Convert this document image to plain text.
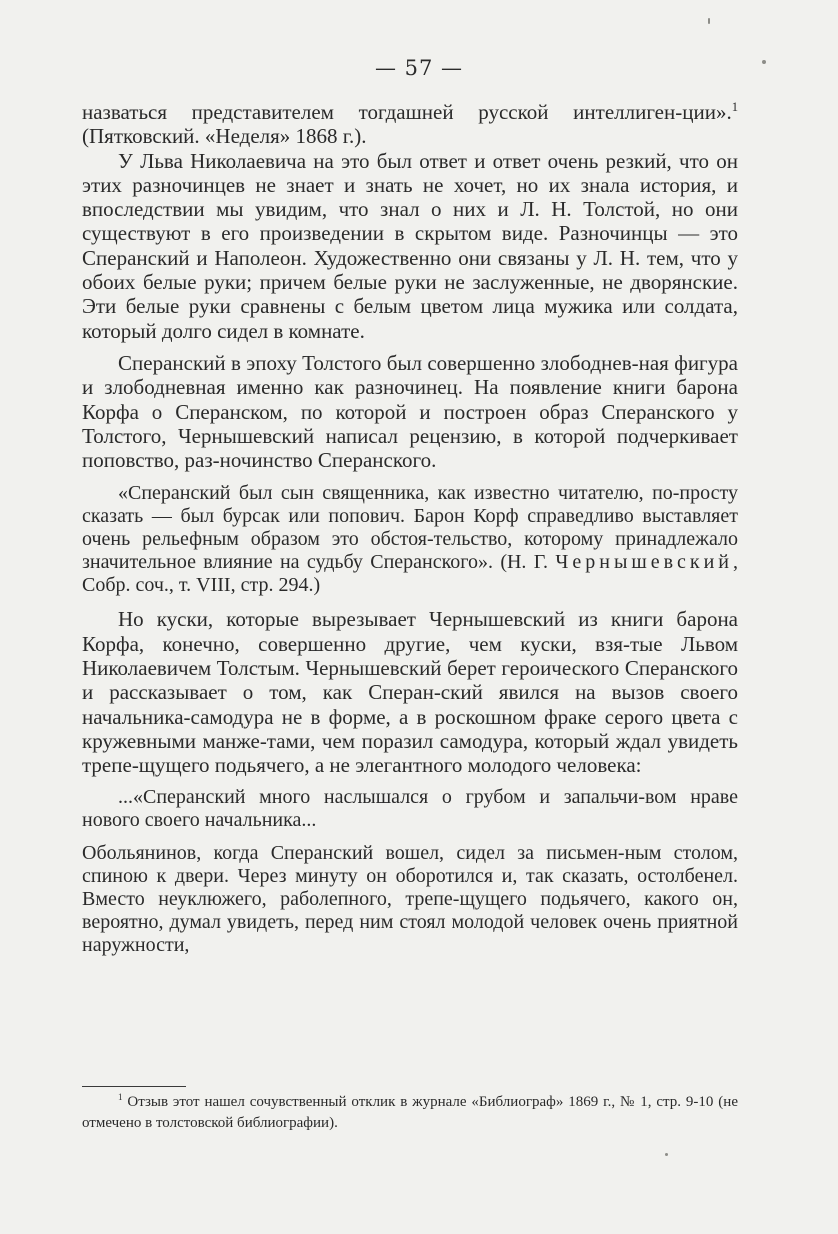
— 57 —

назваться представителем тогдашней русской интеллиген-ции».$^1$ (Пятковский. «Неделя» 1868 г.).

У Льва Николаевича на это был ответ и ответ очень резкий, что он этих разночинцев не знает и знать не хочет, но их знала история, и впоследствии мы увидим, что знал о них и Л. Н. Толстой, но они существуют в его произведении в скрытом виде. Разночинцы — это Сперанский и Наполеон. Художественно они связаны у Л. Н. тем, что у обоих белые руки; причем белые руки не заслуженные, не дворянские. Эти белые руки сравнены с белым цветом лица мужика или солдата, который долго сидел в комнате.

Сперанский в эпоху Толстого был совершенно злободнев-ная фигура и злободневная именно как разночинец. На появление книги барона Корфа о Сперанском, по которой и построен образ Сперанского у Толстого, Чернышевский написал рецензию, в которой подчеркивает поповство, раз-ночинство Сперанского.

«Сперанский был сын священника, как известно читателю, по-просту сказать — был бурсак или попович. Барон Корф справедливо выставляет очень рельефным образом это обстоя-тельство, которому принадлежало значительное влияние на судьбу Сперанского». (Н. Г. Чернышевский, Собр. соч., т. VIII, стр. 294.)

Но куски, которые вырезывает Чернышевский из книги барона Корфа, конечно, совершенно другие, чем куски, взя-тые Львом Николаевичем Толстым. Чернышевский берет героического Сперанского и рассказывает о том, как Сперан-ский явился на вызов своего начальника-самодура не в форме, а в роскошном фраке серого цвета с кружевными манже-тами, чем поразил самодура, который ждал увидеть трепе-щущего подьячего, а не элегантного молодого человека:

...«Сперанский много наслышался о грубом и запальчи-вом нраве нового своего начальника...

Обольянинов, когда Сперанский вошел, сидел за письмен-ным столом, спиною к двери. Через минуту он оборотился и, так сказать, остолбенел. Вместо неуклюжего, раболепного, трепе-щущего подьячего, какого он, вероятно, думал увидеть, перед ним стоял молодой человек очень приятной наружности,

$^1$ Отзыв этот нашел сочувственный отклик в журнале «Библиограф» 1869 г., № 1, стр. 9-10 (не отмечено в толстовской библиографии).
